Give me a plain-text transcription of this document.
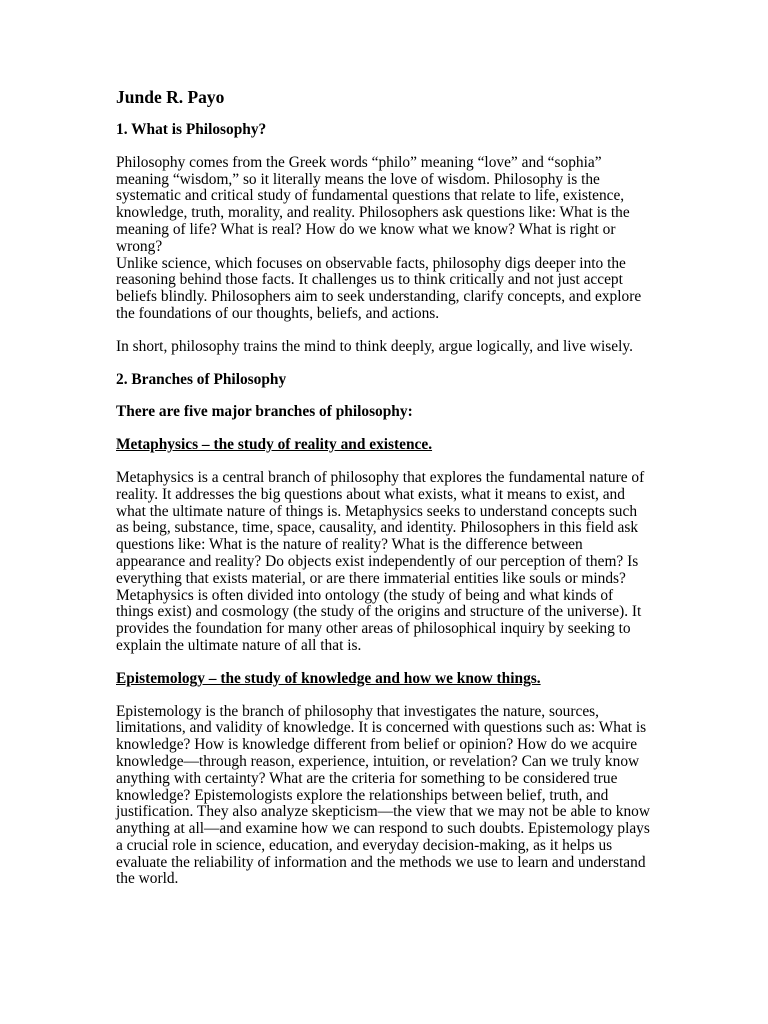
Junde R. Payo
1. What is Philosophy?
Philosophy comes from the Greek words “philo” meaning “love” and “sophia” meaning “wisdom,” so it literally means the love of wisdom. Philosophy is the systematic and critical study of fundamental questions that relate to life, existence, knowledge, truth, morality, and reality. Philosophers ask questions like: What is the meaning of life? What is real? How do we know what we know? What is right or wrong?
Unlike science, which focuses on observable facts, philosophy digs deeper into the reasoning behind those facts. It challenges us to think critically and not just accept beliefs blindly. Philosophers aim to seek understanding, clarify concepts, and explore the foundations of our thoughts, beliefs, and actions.
In short, philosophy trains the mind to think deeply, argue logically, and live wisely.
2. Branches of Philosophy
There are five major branches of philosophy:
Metaphysics – the study of reality and existence.
Metaphysics is a central branch of philosophy that explores the fundamental nature of reality. It addresses the big questions about what exists, what it means to exist, and what the ultimate nature of things is. Metaphysics seeks to understand concepts such as being, substance, time, space, causality, and identity. Philosophers in this field ask questions like: What is the nature of reality? What is the difference between appearance and reality? Do objects exist independently of our perception of them? Is everything that exists material, or are there immaterial entities like souls or minds? Metaphysics is often divided into ontology (the study of being and what kinds of things exist) and cosmology (the study of the origins and structure of the universe). It provides the foundation for many other areas of philosophical inquiry by seeking to explain the ultimate nature of all that is.
Epistemology – the study of knowledge and how we know things.
Epistemology is the branch of philosophy that investigates the nature, sources, limitations, and validity of knowledge. It is concerned with questions such as: What is knowledge? How is knowledge different from belief or opinion? How do we acquire knowledge—through reason, experience, intuition, or revelation? Can we truly know anything with certainty? What are the criteria for something to be considered true knowledge? Epistemologists explore the relationships between belief, truth, and justification. They also analyze skepticism—the view that we may not be able to know anything at all—and examine how we can respond to such doubts. Epistemology plays a crucial role in science, education, and everyday decision-making, as it helps us evaluate the reliability of information and the methods we use to learn and understand the world.
